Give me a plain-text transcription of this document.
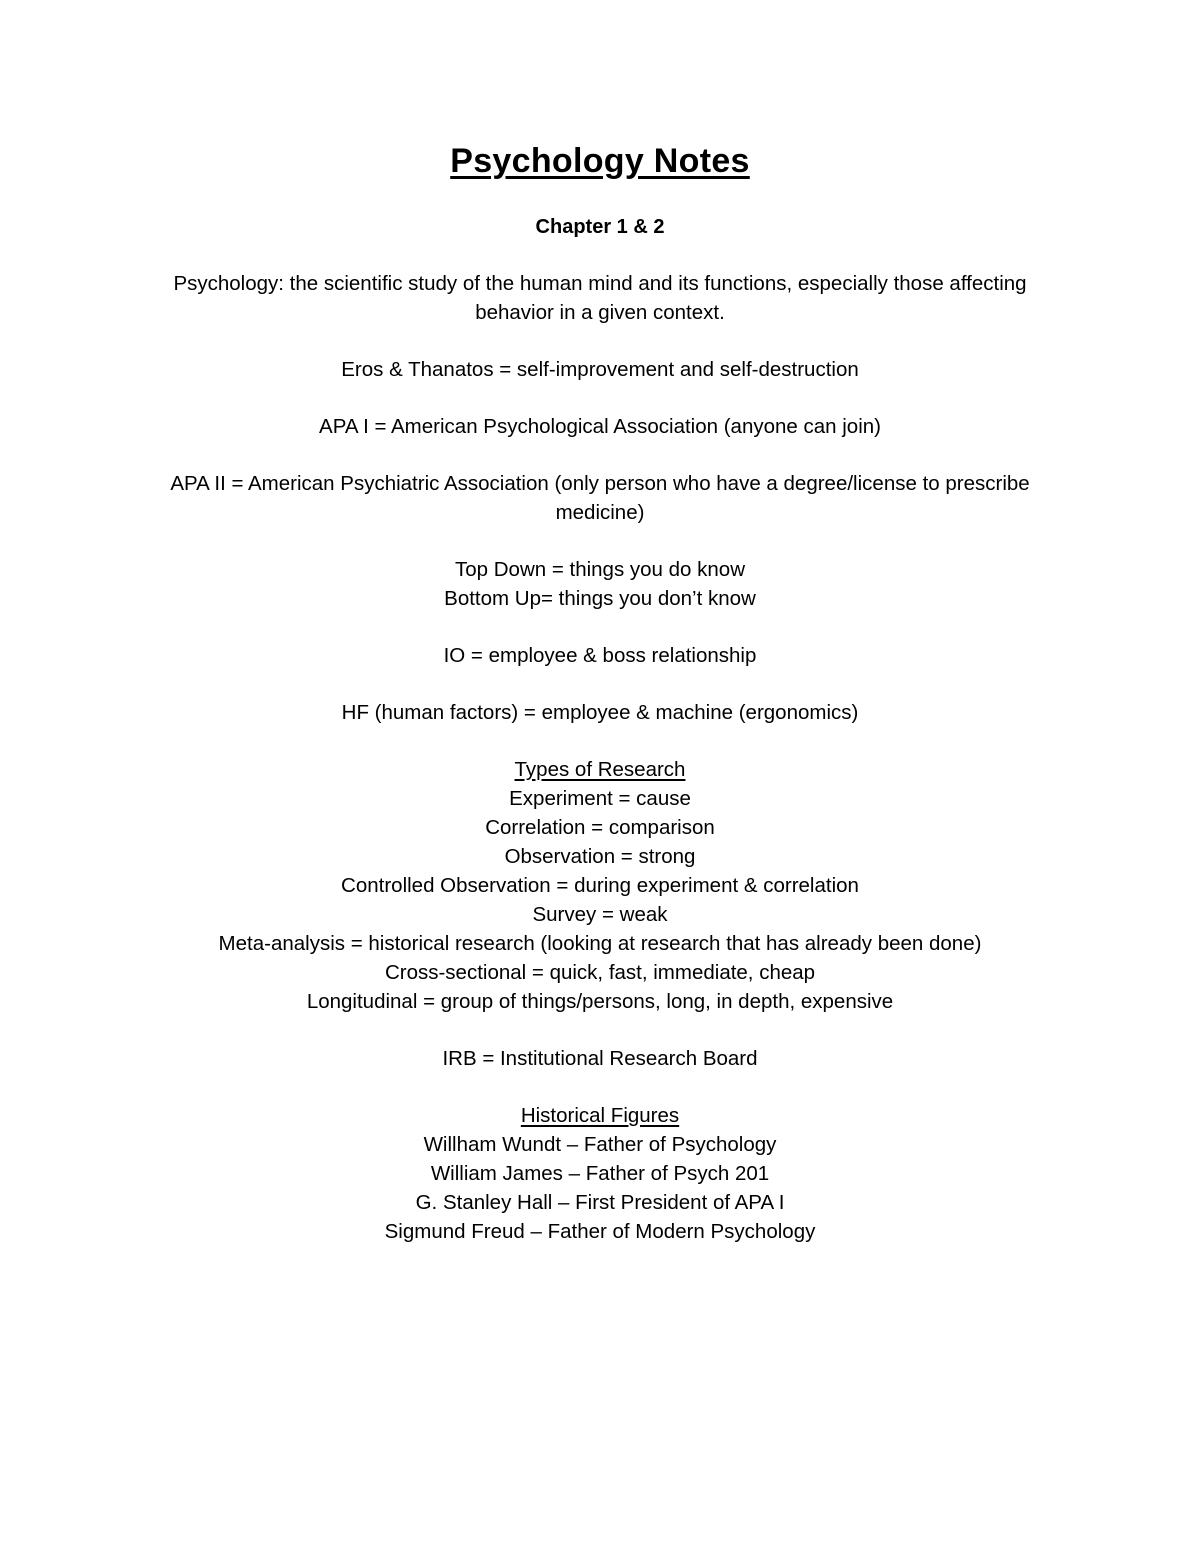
Psychology Notes

Chapter 1 & 2

Psychology: the scientific study of the human mind and its functions, especially those affecting
behavior in a given context.

Eros & Thanatos = self-improvement and self-destruction

APA I = American Psychological Association (anyone can join)

APA II = American Psychiatric Association (only person who have a degree/license to prescribe
medicine)

Top Down = things you do know
Bottom Up= things you don’t know

IO = employee & boss relationship

HF (human factors) = employee & machine (ergonomics)

Types of Research
Experiment = cause
Correlation = comparison
Observation = strong
Controlled Observation = during experiment & correlation
Survey = weak
Meta-analysis = historical research (looking at research that has already been done)
Cross-sectional = quick, fast, immediate, cheap
Longitudinal = group of things/persons, long, in depth, expensive

IRB = Institutional Research Board

Historical Figures
Willham Wundt – Father of Psychology
William James – Father of Psych 201
G. Stanley Hall – First President of APA I
Sigmund Freud – Father of Modern Psychology
